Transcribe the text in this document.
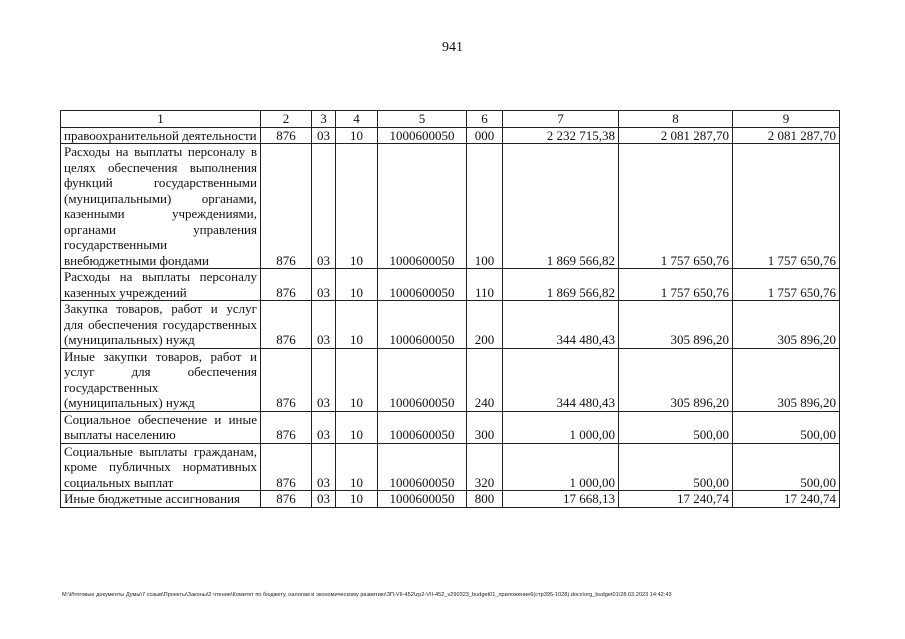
941
1	2	3	4	5	6	7	8	9
правоохранительной деятельности	876	03	10	1000600050	000	2 232 715,38	2 081 287,70	2 081 287,70
Расходы на выплаты персоналу в целях обеспечения выполнения функций государственными (муниципальными) органами, казенными учреждениями, органами управления государственными внебюджетными фондами	876	03	10	1000600050	100	1 869 566,82	1 757 650,76	1 757 650,76
Расходы на выплаты персоналу казенных учреждений	876	03	10	1000600050	110	1 869 566,82	1 757 650,76	1 757 650,76
Закупка товаров, работ и услуг для обеспечения государственных (муниципальных) нужд	876	03	10	1000600050	200	344 480,43	305 896,20	305 896,20
Иные закупки товаров, работ и услуг для обеспечения государственных (муниципальных) нужд	876	03	10	1000600050	240	344 480,43	305 896,20	305 896,20
Социальное обеспечение и иные выплаты населению	876	03	10	1000600050	300	1 000,00	500,00	500,00
Социальные выплаты гражданам, кроме публичных нормативных социальных выплат	876	03	10	1000600050	320	1 000,00	500,00	500,00
Иные бюджетные ассигнования	876	03	10	1000600050	800	17 668,13	17 240,74	17 240,74
M:\Итоговые документы Думы\7 созыв\Проекты\Законы\2 чтение\Комитет по бюджету, налогам и экономическому развитию\ЗП-VII-452\zp2-VII-452_v290323_budget01_приложение6(стр395-1028).docx\org_budget01\28.03.2023 14:42:43
